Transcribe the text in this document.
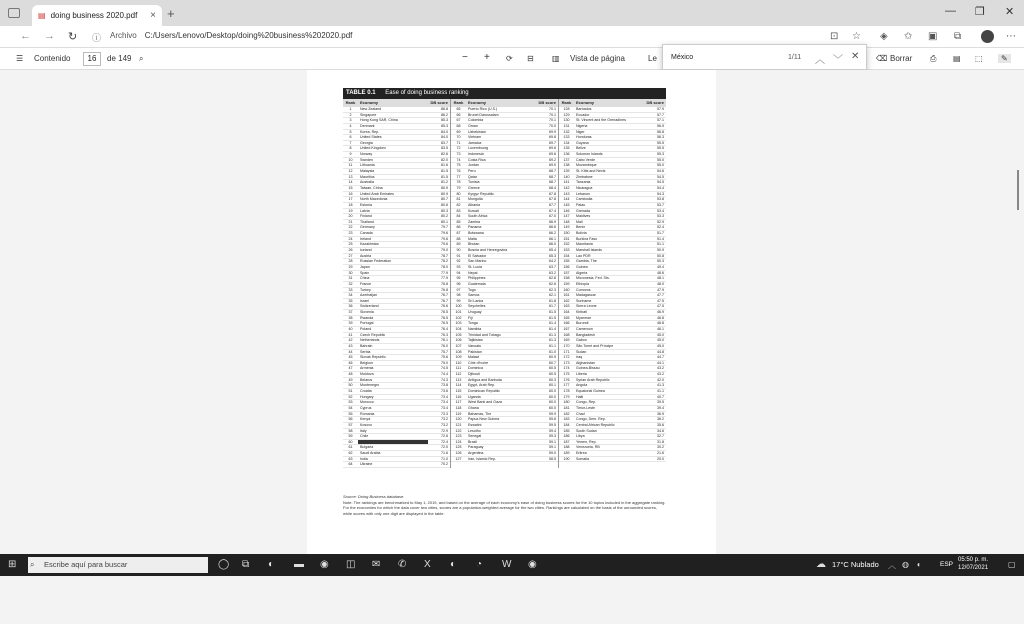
▤ doing business 2020.pdf × +	— ❐ ✕
← → ↻ ⓘ Archivo C:/Users/Lenovo/Desktop/doing%20business%202020.pdf	⊡ ☆ ◈ ✩ ▣ ⧉	⋯
☰ Contenido	16	de 149 ⌕	− + ⟳ ⊟ ▥ Vista de página	Le	⌫ Borrar ⎙ ▤ ⬚	✎
México	1/11 ︿ ﹀ ✕
TABLE 0.1 Ease of doing business ranking
Rank	Economy	DB score
1	New Zealand	86.8
2	Singapore	86.2
3	Hong Kong SAR, China	85.3
4	Denmark	85.3
5	Korea, Rep.	84.0
6	United States	84.0
7	Georgia	83.7
8	United Kingdom	83.5
9	Norway	82.6
10	Sweden	82.0
11	Lithuania	81.6
12	Malaysia	81.5
13	Mauritius	81.5
14	Australia	81.2
15	Taiwan, China	80.9
16	United Arab Emirates	80.9
17	North Macedonia	80.7
18	Estonia	80.6
19	Latvia	80.3
20	Finland	80.2
21	Thailand	80.1
22	Germany	79.7
23	Canada	79.6
24	Ireland	79.6
25	Kazakhstan	79.6
26	Iceland	79.0
27	Austria	78.7
28	Russian Federation	78.2
29	Japan	78.0
30	Spain	77.9
31	China	77.9
32	France	76.8
33	Turkey	76.8
34	Azerbaijan	76.7
35	Israel	76.7
36	Switzerland	76.6
37	Slovenia	76.5
38	Rwanda	76.5
39	Portugal	76.5
40	Poland	76.4
41	Czech Republic	76.3
42	Netherlands	76.1
43	Bahrain	76.0
44	Serbia	75.7
45	Slovak Republic	75.6
46	Belgium	75.0
47	Armenia	74.5
48	Moldova	74.4
49	Belarus	74.3
50	Montenegro	73.8
51	Croatia	73.6
52	Hungary	73.4
53	Morocco	73.4
54	Cyprus	73.4
55	Romania	73.3
56	Kenya	73.2
57	Kosovo	73.2
58	Italy	72.9
59	Chile	72.6
60	█████	72.4
61	Bulgaria	72.0
62	Saudi Arabia	71.6
63	India	71.0
64	Ukraine	70.2
Rank	Economy	DB score
65	Puerto Rico (U.S.)	70.1
66	Brunei Darussalam	70.1
67	Colombia	70.1
68	Oman	70.0
69	Uzbekistan	69.9
70	Vietnam	69.8
71	Jamaica	69.7
72	Luxembourg	69.6
73	Indonesia	69.6
74	Costa Rica	69.2
75	Jordan	69.0
76	Peru	68.7
77	Qatar	68.7
78	Tunisia	68.7
79	Greece	68.4
80	Kyrgyz Republic	67.8
81	Mongolia	67.8
82	Albania	67.7
83	Kuwait	67.4
84	South Africa	67.0
85	Zambia	66.9
86	Panama	66.6
87	Botswana	66.2
88	Malta	66.1
89	Bhutan	66.0
90	Bosnia and Herzegovina	65.4
91	El Salvador	65.3
92	San Marino	64.2
93	St. Lucia	63.7
94	Nepal	63.2
95	Philippines	62.8
96	Guatemala	62.6
97	Togo	62.3
98	Samoa	62.1
99	Sri Lanka	61.8
100	Seychelles	61.7
101	Uruguay	61.5
102	Fiji	61.5
103	Tonga	61.4
104	Namibia	61.4
105	Trinidad and Tobago	61.3
106	Tajikistan	61.3
107	Vanuatu	61.1
108	Pakistan	61.0
109	Malawi	60.9
110	Côte d'Ivoire	60.7
111	Dominica	60.5
112	Djibouti	60.5
113	Antigua and Barbuda	60.3
114	Egypt, Arab Rep.	60.1
115	Dominican Republic	60.0
116	Uganda	60.0
117	West Bank and Gaza	60.0
118	Ghana	60.0
119	Bahamas, The	59.9
120	Papua New Guinea	59.8
121	Eswatini	59.5
122	Lesotho	59.4
123	Senegal	59.3
124	Brazil	59.1
125	Paraguay	59.1
126	Argentina	59.0
127	Iran, Islamic Rep.	58.5
Rank	Economy	DB score
128	Barbados	57.9
129	Ecuador	57.7
130	St. Vincent and the Grenadines	57.1
131	Nigeria	56.9
132	Niger	56.8
133	Honduras	56.3
134	Guyana	55.5
135	Belize	55.5
136	Solomon Islands	55.3
137	Cabo Verde	55.0
138	Mozambique	55.0
139	St. Kitts and Nevis	54.6
140	Zimbabwe	54.5
141	Tanzania	54.5
142	Nicaragua	54.4
143	Lebanon	54.3
144	Cambodia	53.8
145	Palau	53.7
146	Grenada	53.4
147	Maldives	53.3
148	Mali	52.9
149	Benin	52.4
150	Bolivia	51.7
151	Burkina Faso	51.4
152	Mauritania	51.1
153	Marshall Islands	50.9
154	Lao PDR	50.8
155	Gambia, The	50.3
156	Guinea	49.4
157	Algeria	48.6
158	Micronesia, Fed. Sts.	48.1
159	Ethiopia	48.0
160	Comoros	47.9
161	Madagascar	47.7
162	Suriname	47.5
163	Sierra Leone	47.5
164	Kiribati	46.9
165	Myanmar	46.8
166	Burundi	46.8
167	Cameroon	46.1
168	Bangladesh	45.0
169	Gabon	45.0
170	São Tomé and Príncipe	45.0
171	Sudan	44.8
172	Iraq	44.7
173	Afghanistan	44.1
174	Guinea-Bissau	43.2
175	Liberia	43.2
176	Syrian Arab Republic	42.0
177	Angola	41.3
178	Equatorial Guinea	41.1
179	Haiti	40.7
180	Congo, Rep.	39.5
181	Timor-Leste	39.4
182	Chad	36.9
183	Congo, Dem. Rep.	36.2
184	Central African Republic	35.6
185	South Sudan	34.6
186	Libya	32.7
187	Yemen, Rep.	31.8
188	Venezuela, RB	30.2
189	Eritrea	21.6
190	Somalia	20.0
Source: Doing Business database.
Note: The rankings are benchmarked to May 1, 2019, and based on the average of each economy's ease of doing business scores for the 10 topics included in the aggregate ranking. For the economies for which the data cover two cities, scores are a population-weighted average for the two cities. Rankings are calculated on the basis of the unrounded scores, while scores with only one digit are displayed in the table.
⊞	Escribe aquí para buscar
⌕	◯ ⧉ ◐ ▬ ◉ ◫ ✉ ✆ X ◐ ◔ W ◉	☁ 17°C Nublado ︿ ◍ ◖	ESP
05:50 p. m.
12/07/2021 ▢
